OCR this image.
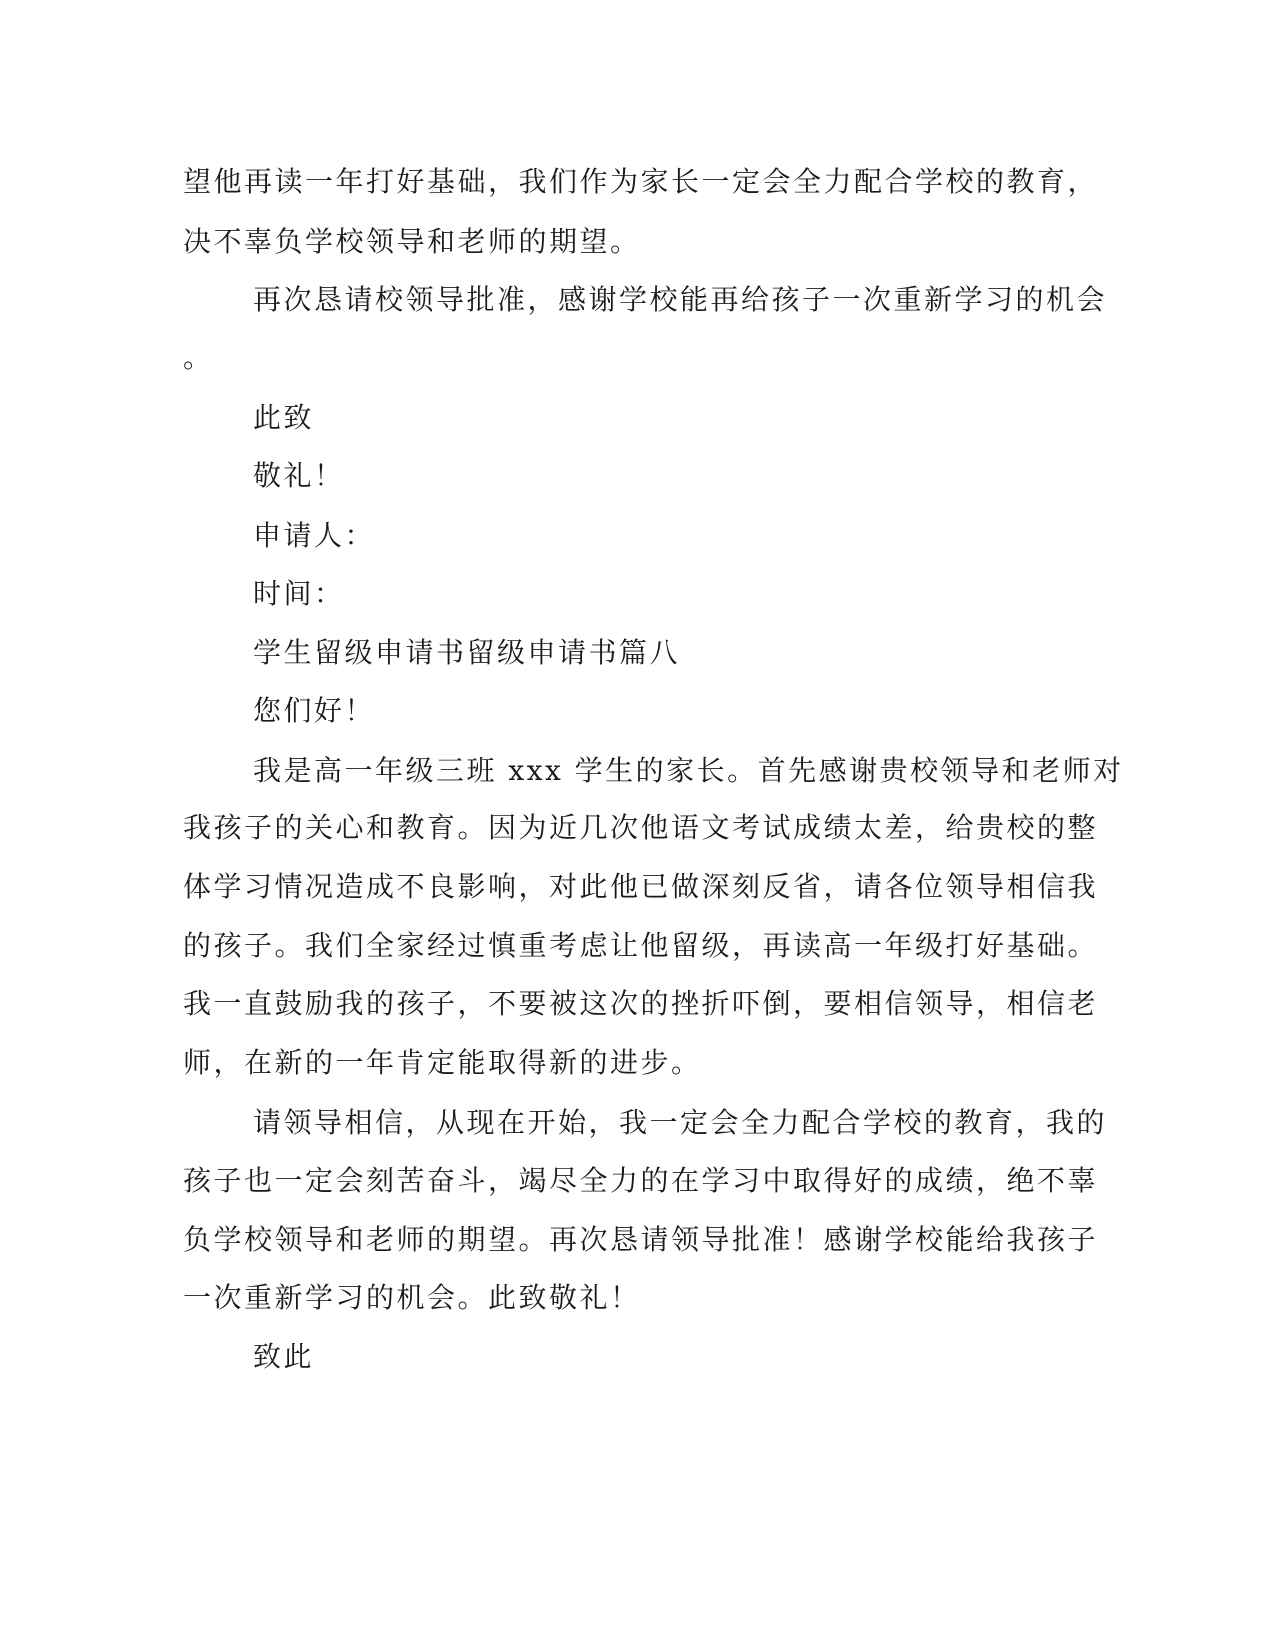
望他再读一年打好基础，我们作为家长一定会全力配合学校的教育，
决不辜负学校领导和老师的期望。
再次恳请校领导批准，感谢学校能再给孩子一次重新学习的机会
。
此致
敬礼！
申请人：
时间：
学生留级申请书留级申请书篇八
您们好！
我是高一年级三班 xxx 学生的家长。首先感谢贵校领导和老师对
我孩子的关心和教育。因为近几次他语文考试成绩太差，给贵校的整
体学习情况造成不良影响，对此他已做深刻反省，请各位领导相信我
的孩子。我们全家经过慎重考虑让他留级，再读高一年级打好基础。
我一直鼓励我的孩子，不要被这次的挫折吓倒，要相信领导，相信老
师，在新的一年肯定能取得新的进步。
请领导相信，从现在开始，我一定会全力配合学校的教育，我的
孩子也一定会刻苦奋斗，竭尽全力的在学习中取得好的成绩，绝不辜
负学校领导和老师的期望。再次恳请领导批准！感谢学校能给我孩子
一次重新学习的机会。此致敬礼！
致此
